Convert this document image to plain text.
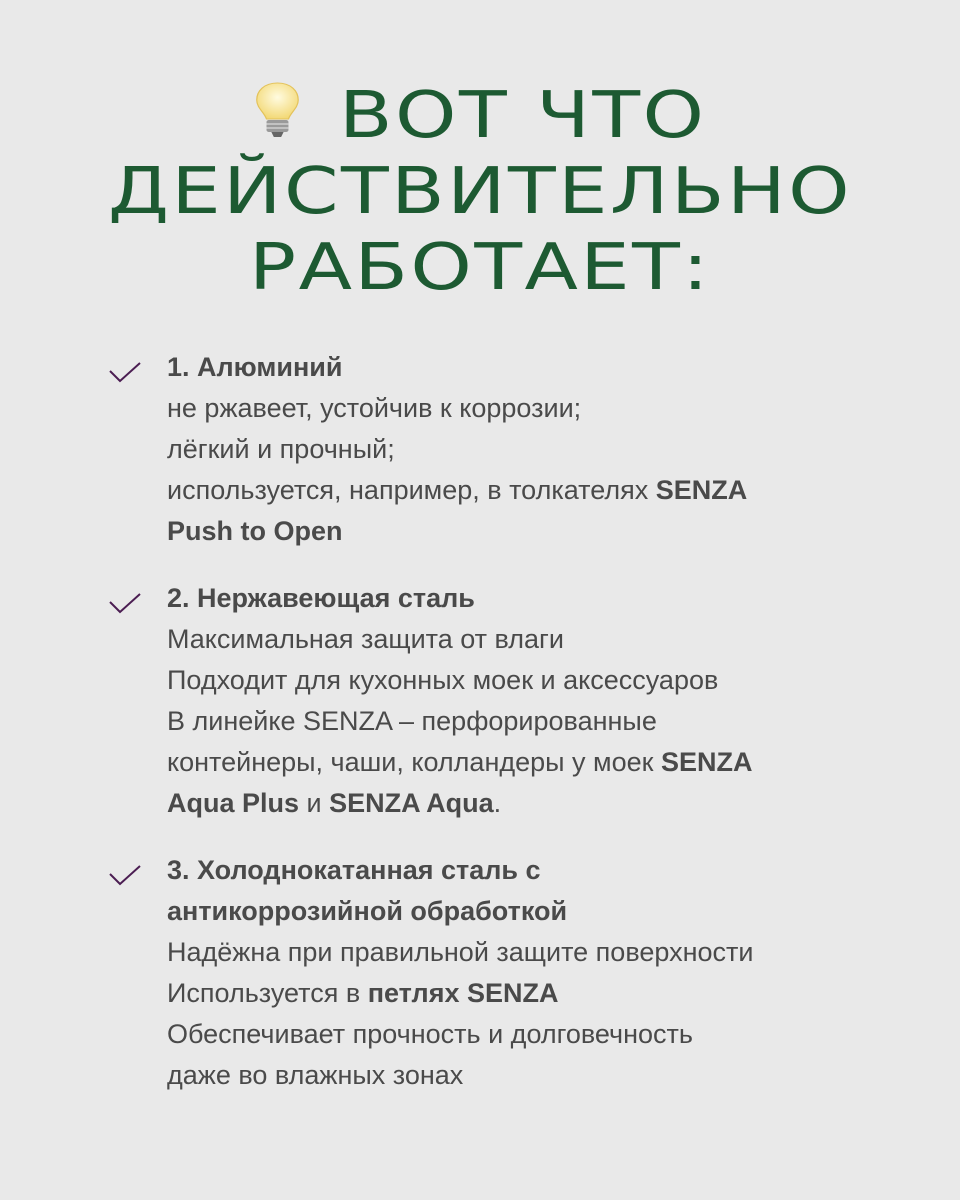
ВОТ ЧТО
ДЕЙСТВИТЕЛЬНО
РАБОТАЕТ:
1. Алюминий
не ржавеет, устойчив к коррозии;
лёгкий и прочный;
используется, например, в толкателях SENZA
Push to Open
2. Нержавеющая сталь
Максимальная защита от влаги
Подходит для кухонных моек и аксессуаров
В линейке SENZA – перфорированные
контейнеры, чаши, колландеры у моек SENZA
Aqua Plus и SENZA Aqua.
3. Холоднокатанная сталь с
антикоррозийной обработкой
Надёжна при правильной защите поверхности
Используется в петлях SENZA
Обеспечивает прочность и долговечность
даже во влажных зонах
